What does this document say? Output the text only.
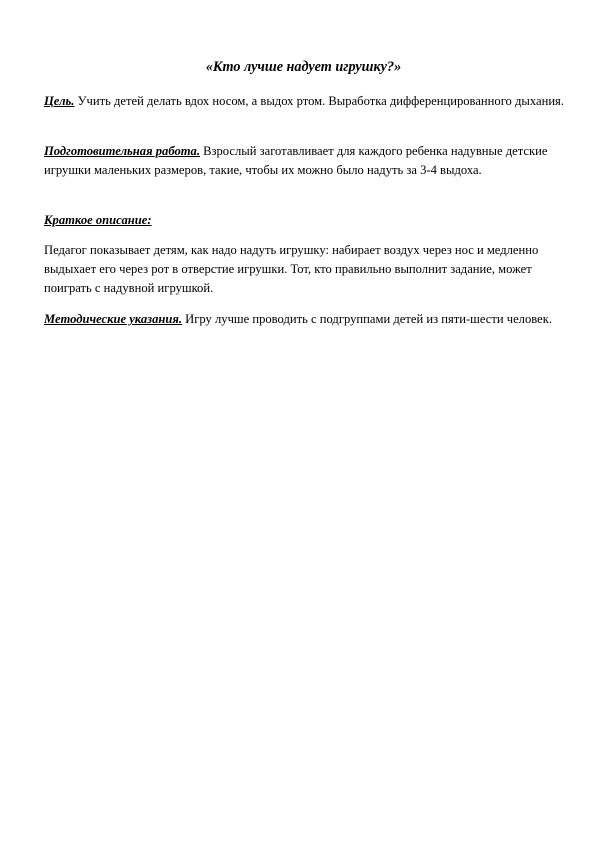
«Кто лучше надует игрушку?»

Цель. Учить детей делать вдох носом, а выдох ртом. Выработка дифференцированного дыхания.

Подготовительная работа. Взрослый заготавливает для каждого ребенка надувные детские игрушки маленьких размеров, такие, чтобы их можно было надуть за 3-4 выдоха.

Краткое описание:

Педагог показывает детям, как надо надуть игрушку: набирает воздух через нос и медленно выдыхает его через рот в отверстие игрушки. Тот, кто правильно выполнит задание, может поиграть с надувной игрушкой.

Методические указания. Игру лучше проводить с подгруппами детей из пяти-шести человек.
